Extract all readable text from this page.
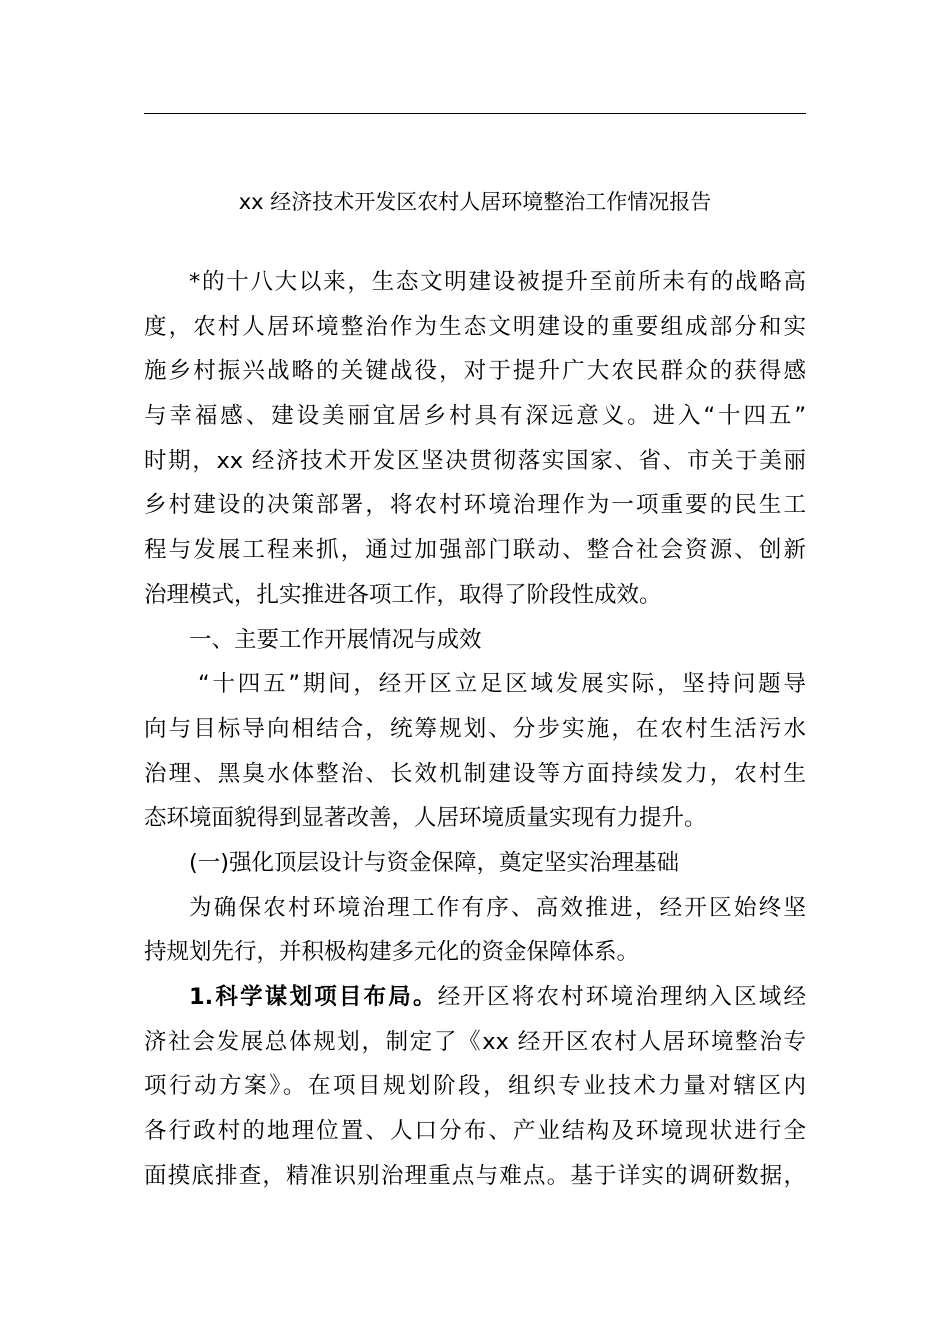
xx 经济技术开发区农村人居环境整治工作情况报告
*的十八大以来，生态文明建设被提升至前所未有的战略高
度，农村人居环境整治作为生态文明建设的重要组成部分和实
施乡村振兴战略的关键战役，对于提升广大农民群众的获得感
与幸福感、建设美丽宜居乡村具有深远意义。进入“十四五”
时期，xx 经济技术开发区坚决贯彻落实国家、省、市关于美丽
乡村建设的决策部署，将农村环境治理作为一项重要的民生工
程与发展工程来抓，通过加强部门联动、整合社会资源、创新
治理模式，扎实推进各项工作，取得了阶段性成效。
一、主要工作开展情况与成效
“十四五”期间，经开区立足区域发展实际，坚持问题导
向与目标导向相结合，统筹规划、分步实施，在农村生活污水
治理、黑臭水体整治、长效机制建设等方面持续发力，农村生
态环境面貌得到显著改善，人居环境质量实现有力提升。
(一)强化顶层设计与资金保障，奠定坚实治理基础
为确保农村环境治理工作有序、高效推进，经开区始终坚
持规划先行，并积极构建多元化的资金保障体系。
1.科学谋划项目布局。经开区将农村环境治理纳入区域经
济社会发展总体规划，制定了《xx 经开区农村人居环境整治专
项行动方案》。在项目规划阶段，组织专业技术力量对辖区内
各行政村的地理位置、人口分布、产业结构及环境现状进行全
面摸底排查，精准识别治理重点与难点。基于详实的调研数据，
